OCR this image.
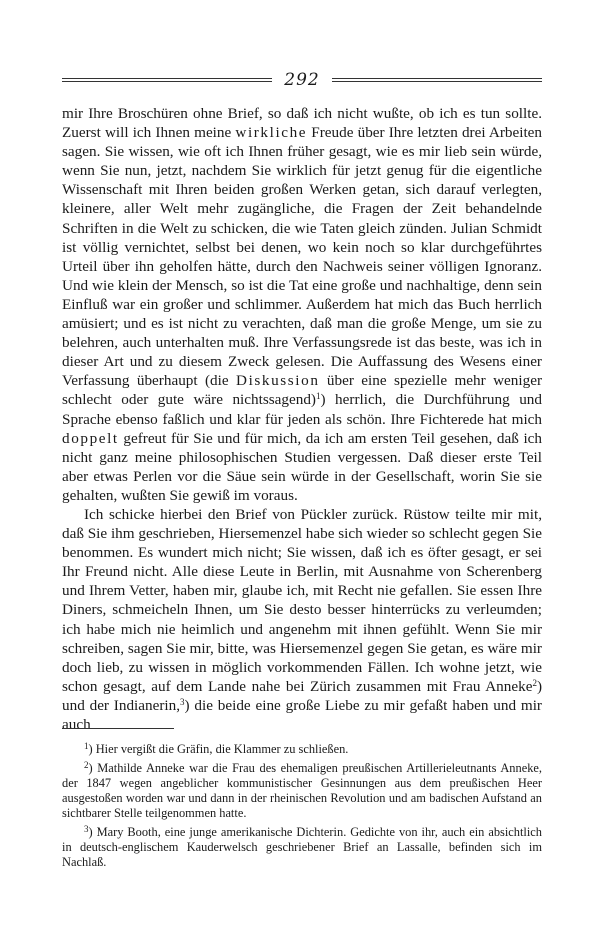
292

mir Ihre Broschüren ohne Brief, so daß ich nicht wußte, ob ich es tun sollte. Zuerst will ich Ihnen meine wirkliche Freude über Ihre letzten drei Arbeiten sagen. Sie wissen, wie oft ich Ihnen früher gesagt, wie es mir lieb sein würde, wenn Sie nun, jetzt, nachdem Sie wirklich für jetzt genug für die eigentliche Wissenschaft mit Ihren beiden großen Werken getan, sich darauf verlegten, kleinere, aller Welt mehr zugängliche, die Fragen der Zeit behandelnde Schriften in die Welt zu schicken, die wie Taten gleich zünden. Julian Schmidt ist völlig vernichtet, selbst bei denen, wo kein noch so klar durchgeführtes Urteil über ihn geholfen hätte, durch den Nachweis seiner völligen Ignoranz. Und wie klein der Mensch, so ist die Tat eine große und nachhaltige, denn sein Einfluß war ein großer und schlimmer. Außerdem hat mich das Buch herrlich amüsiert; und es ist nicht zu verachten, daß man die große Menge, um sie zu belehren, auch unterhalten muß. Ihre Verfassungsrede ist das beste, was ich in dieser Art und zu diesem Zweck gelesen. Die Auffassung des Wesens einer Verfassung überhaupt (die Diskussion über eine spezielle mehr weniger schlecht oder gute wäre nichtssagend)$^1$) herrlich, die Durchführung und Sprache ebenso faßlich und klar für jeden als schön. Ihre Fichterede hat mich doppelt gefreut für Sie und für mich, da ich am ersten Teil gesehen, daß ich nicht ganz meine philosophischen Studien vergessen. Daß dieser erste Teil aber etwas Perlen vor die Säue sein würde in der Gesellschaft, worin Sie sie gehalten, wußten Sie gewiß im voraus.

Ich schicke hierbei den Brief von Pückler zurück. Rüstow teilte mir mit, daß Sie ihm geschrieben, Hiersemenzel habe sich wieder so schlecht gegen Sie benommen. Es wundert mich nicht; Sie wissen, daß ich es öfter gesagt, er sei Ihr Freund nicht. Alle diese Leute in Berlin, mit Ausnahme von Scherenberg und Ihrem Vetter, haben mir, glaube ich, mit Recht nie gefallen. Sie essen Ihre Diners, schmeicheln Ihnen, um Sie desto besser hinterrücks zu verleumden; ich habe mich nie heimlich und angenehm mit ihnen gefühlt. Wenn Sie mir schreiben, sagen Sie mir, bitte, was Hiersemenzel gegen Sie getan, es wäre mir doch lieb, zu wissen in möglich vorkommenden Fällen. Ich wohne jetzt, wie schon gesagt, auf dem Lande nahe bei Zürich zusammen mit Frau Anneke$^2$) und der Indianerin,$^3$) die beide eine große Liebe zu mir gefaßt haben und mir auch

$^1$) Hier vergißt die Gräfin, die Klammer zu schließen.

$^2$) Mathilde Anneke war die Frau des ehemaligen preußischen Artillerieleutnants Anneke, der 1847 wegen angeblicher kommunistischer Gesinnungen aus dem preußischen Heer ausgestoßen worden war und dann in der rheinischen Revolution und am badischen Aufstand an sichtbarer Stelle teilgenommen hatte.

$^3$) Mary Booth, eine junge amerikanische Dichterin. Gedichte von ihr, auch ein absichtlich in deutsch-englischem Kauderwelsch geschriebener Brief an Lassalle, befinden sich im Nachlaß.
